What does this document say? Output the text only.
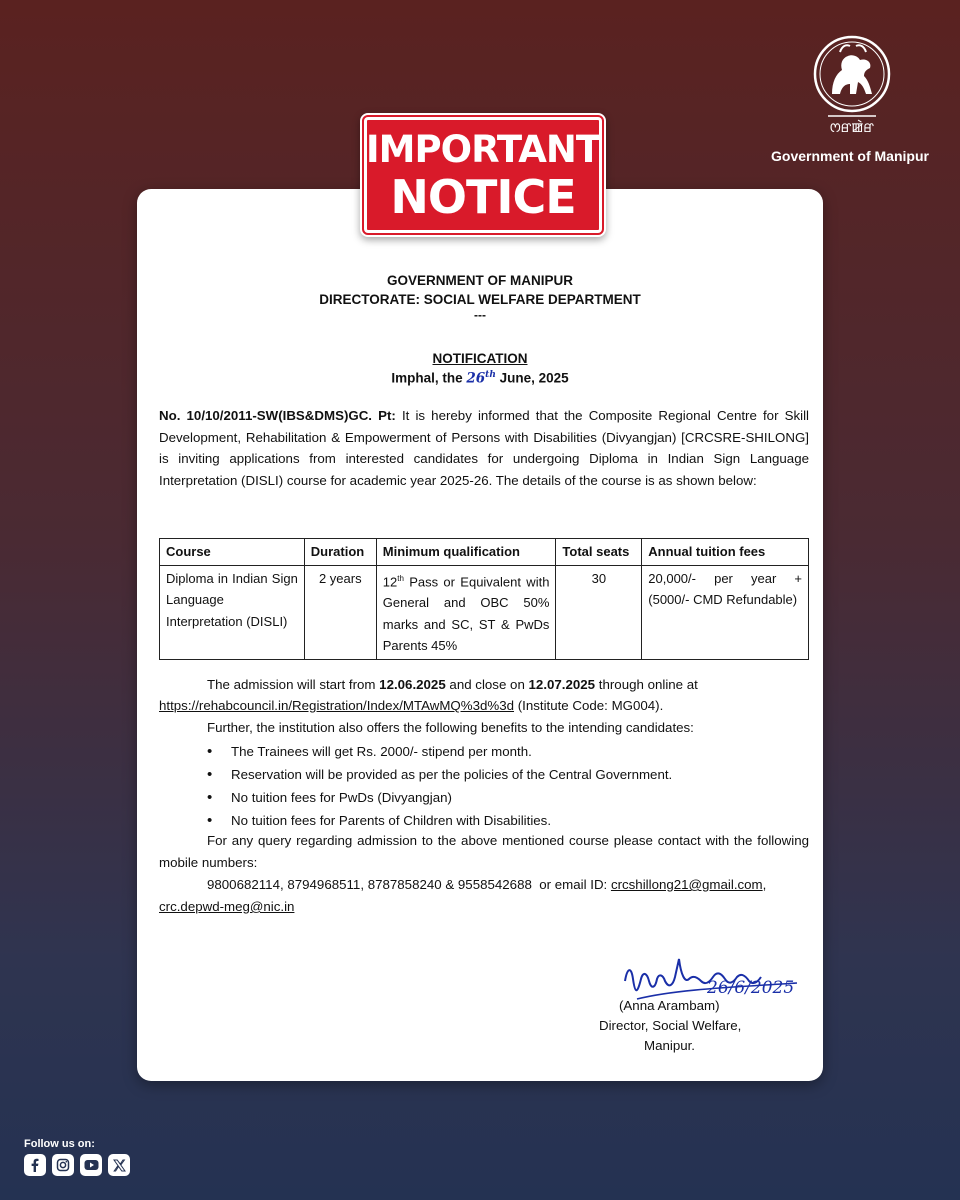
ꯁꯔꯀꯥꯔ
Government of Manipur
GOVERNMENT OF MANIPUR
DIRECTORATE: SOCIAL WELFARE DEPARTMENT
---
NOTIFICATION
Imphal, the 26th June, 2025
No. 10/10/2011-SW(IBS&DMS)GC. Pt: It is hereby informed that the Composite Regional Centre for Skill Development, Rehabilitation & Empowerment of Persons with Disabilities (Divyangjan) [CRCSRE-SHILONG] is inviting applications from interested candidates for undergoing Diploma in Indian Sign Language Interpretation (DISLI) course for academic year 2025-26. The details of the course is as shown below:
Course	Duration	Minimum qualification	Total seats	Annual tuition fees
Diploma in Indian Sign Language Interpretation (DISLI)	2 years	12th Pass or Equivalent with General and OBC 50% marks and SC, ST & PwDs Parents 45%	30	20,000/- per year + (5000/- CMD Refundable)
The admission will start from 12.06.2025 and close on 12.07.2025 through online at
https://rehabcouncil.in/Registration/Index/MTAwMQ%3d%3d (Institute Code: MG004).
Further, the institution also offers the following benefits to the intending candidates:
• The Trainees will get Rs. 2000/- stipend per month.
• Reservation will be provided as per the policies of the Central Government.
• No tuition fees for PwDs (Divyangjan)
• No tuition fees for Parents of Children with Disabilities.
For any query regarding admission to the above mentioned course please contact with the following mobile numbers:
9800682114, 8794968511, 8787858240 & 9558542688  or email ID: crcshillong21@gmail.com,
crc.depwd-meg@nic.in
26/6/2025
(Anna Arambam)
Director, Social Welfare,
Manipur.
IMPORTANT
NOTICE
Follow us on:
